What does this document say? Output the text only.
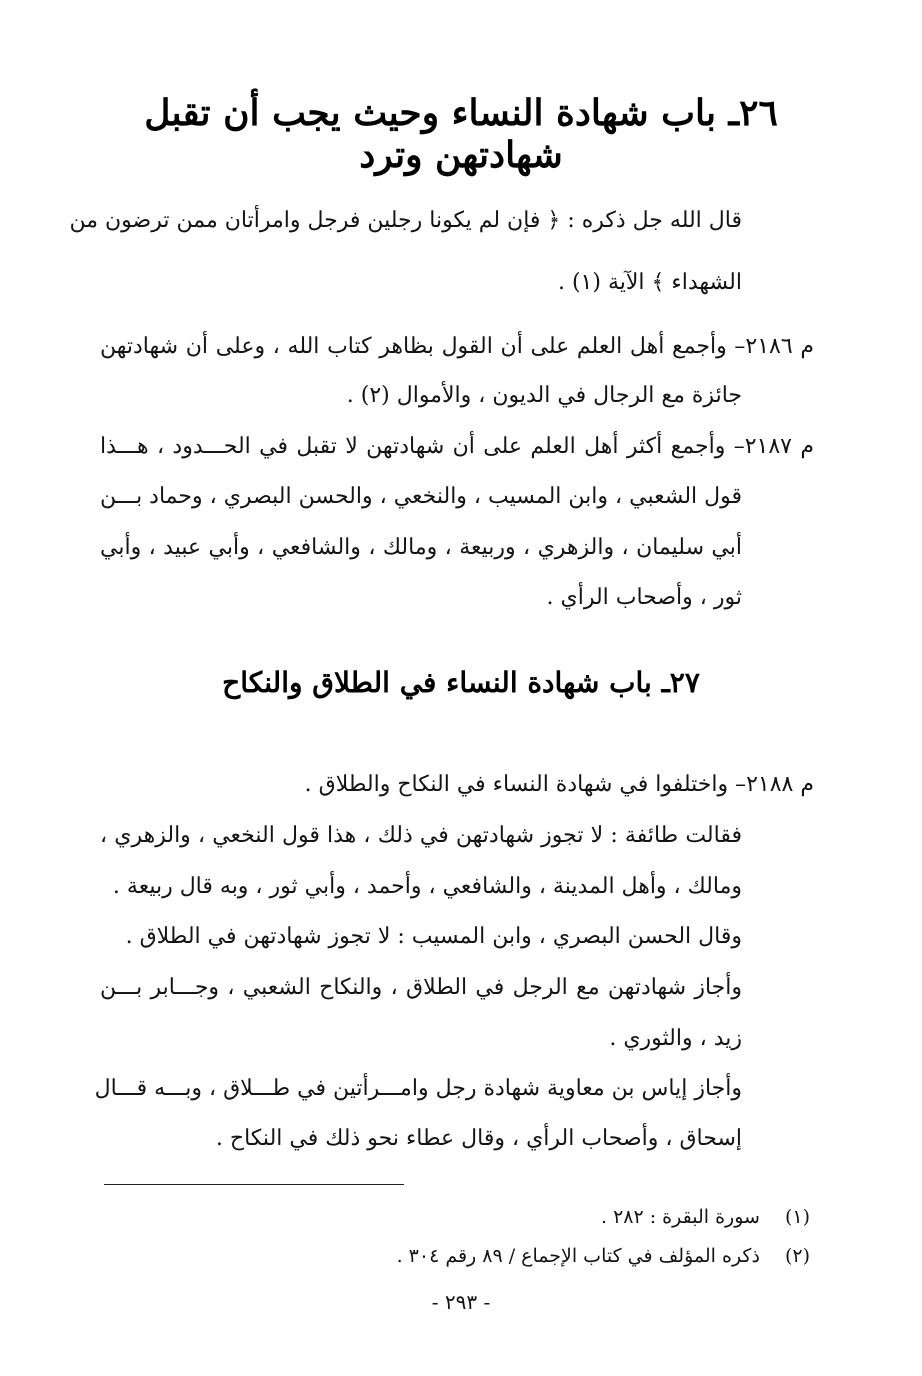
٢٦ـ باب شهادة النساء وحيث يجب أن تقبل شهادتهن وترد
قال الله جل ذكره : ﴿ فإن لم يكونا رجلين فرجل وامرأتان ممن ترضون من
الشهداء ﴾ الآية (١) .
م ٢١٨٦– وأجمع أهل العلم على أن القول بظاهر كتاب الله ، وعلى أن شهادتهن
جائزة مع الرجال في الديون ، والأموال (٢) .
م ٢١٨٧– وأجمع أكثر أهل العلم على أن شهادتهن لا تقبل في الحـــدود ، هـــذا
قول الشعبي ، وابن المسيب ، والنخعي ، والحسن البصري ، وحماد بـــن
أبي سليمان ، والزهري ، وربيعة ، ومالك ، والشافعي ، وأبي عبيد ، وأبي
ثور ، وأصحاب الرأي .
٢٧ـ باب شهادة النساء في الطلاق والنكاح
م ٢١٨٨– واختلفوا في شهادة النساء في النكاح والطلاق .
فقالت طائفة : لا تجوز شهادتهن في ذلك ، هذا قول النخعي ، والزهري ،
ومالك ، وأهل المدينة ، والشافعي ، وأحمد ، وأبي ثور ، وبه قال ربيعة .
وقال الحسن البصري ، وابن المسيب : لا تجوز شهادتهن في الطلاق .
وأجاز شهادتهن مع الرجل في الطلاق ، والنكاح الشعبي ، وجـــابر بـــن
زيد ، والثوري .
وأجاز إياس بن معاوية شهادة رجل وامـــرأتين في طـــلاق ، وبـــه قـــال
إسحاق ، وأصحاب الرأي ، وقال عطاء نحو ذلك في النكاح .
(١) سورة البقرة : ٢٨٢ .
(٢) ذكره المؤلف في كتاب الإجماع / ٨٩ رقم ٣٠٤ .
- ٢٩٣ -
